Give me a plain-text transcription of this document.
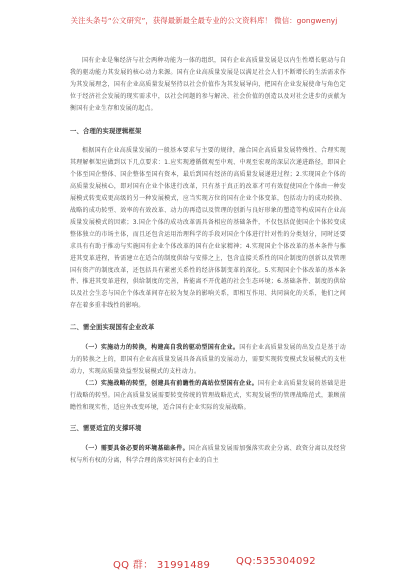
关注头条号“公文研究”，获得最新最全最专业的公文资料库！ 微信：gongwenyj

国有企业是集经济与社会两种功能为一体的组织，国有企业高质量发展是以内生性增长驱动与自我的驱动能力其发展的核心动力来源。国有企业高质量发展是以满足社会人们不断增长的生活需求作为其发展理念，国有企业高质量发展坚持以社会价值作为其发展导向，把国有企业发展使命与角色定位于经济社会发展的现实需求中，以社会问题的参与解决、社会价值的创造以及对社会进步的贡献为衡国有企业生存和发展的起点。

一、合理的实现逻辑框架

根据国有企业高质量发展的一般基本要求与主要的规律，融合国企高质量发展特殊性、合理实现其理解框架应做到以下几点要求：1.应实现遵循微观至中观、中观至宏观的深层次递进路径，即国企个体至国企整体、国企整体至国有资本，最后到国有经济的高质量发展递进过程；2.实现国企个体的高质量发展核心，即对国有企业个体进行改革，只有基于真正的改革才可有效促使国企个体由一种发展模式转变成更高级的另一种发展模式，应当实现方位的国有企业个体变革，包括动力的成功转换、战略的成功转型、效率的有效改革、动力的再造以及管理的创新与良好形象的塑造等构成国有企业高质量发展模式的因素；3.国企个体的成功改革需具备相应的基础条件，不仅包括促使国企个体转变成整体独立的市场主体，而且还包含运用治理科学的手段对国企个体进行针对性的分类划分，同时还要求具有有助于推动与实施国有企业个体改革的国有企业家精神；4.实现国企个体改革的基本条件与推进其变革进程，皆需建立在适合的制度供给与安排之上，包含直接关系性的国企制度的创新以及管理国有资产的制度改革，还包括具有紧密关系性的经济体制变革的深化。5.实现国企个体改革的基本条件、推进其变革进程，供给制度的完善，皆能离不开优越的社会生态环境；6.基础条件、制度的供给以及社会生态与国企个体改革间存在较为复杂的影响关系，即相互作用、共同演化的关系，他们之间存在着多重非线性的影响。

二、需全面实现国有企业改革

（一）实施动力的转换，构建高自我的驱动型国有企业。国有企业高质量发展的出发点是基于动力的转换之上的，即国有企业高质量发展具备高质量的发展动力，需要实现转变模式发展模式的支柱动力，实现高质量效益型发展模式的支柱动力。

（二）实施战略的转型，创建具有前瞻性的高站位型国有企业。国有企业高质量发展的基础是进行战略的转型。国企高质量发展需要转变传统的管理战略范式，实现发展型的管理战略范式，兼顾前瞻性和现实性，适应外改变环境，适合国有企业实际的发展战略。

三、需要适宜的支撑环境

（一）需要具备必要的环境基础条件。国企高质量发展需加强落实政企分离、政资分离以及经营权与所有权的分离，科学合理的落实好国有企业的自主

QQ 群： 31991489	QQ:535304092
